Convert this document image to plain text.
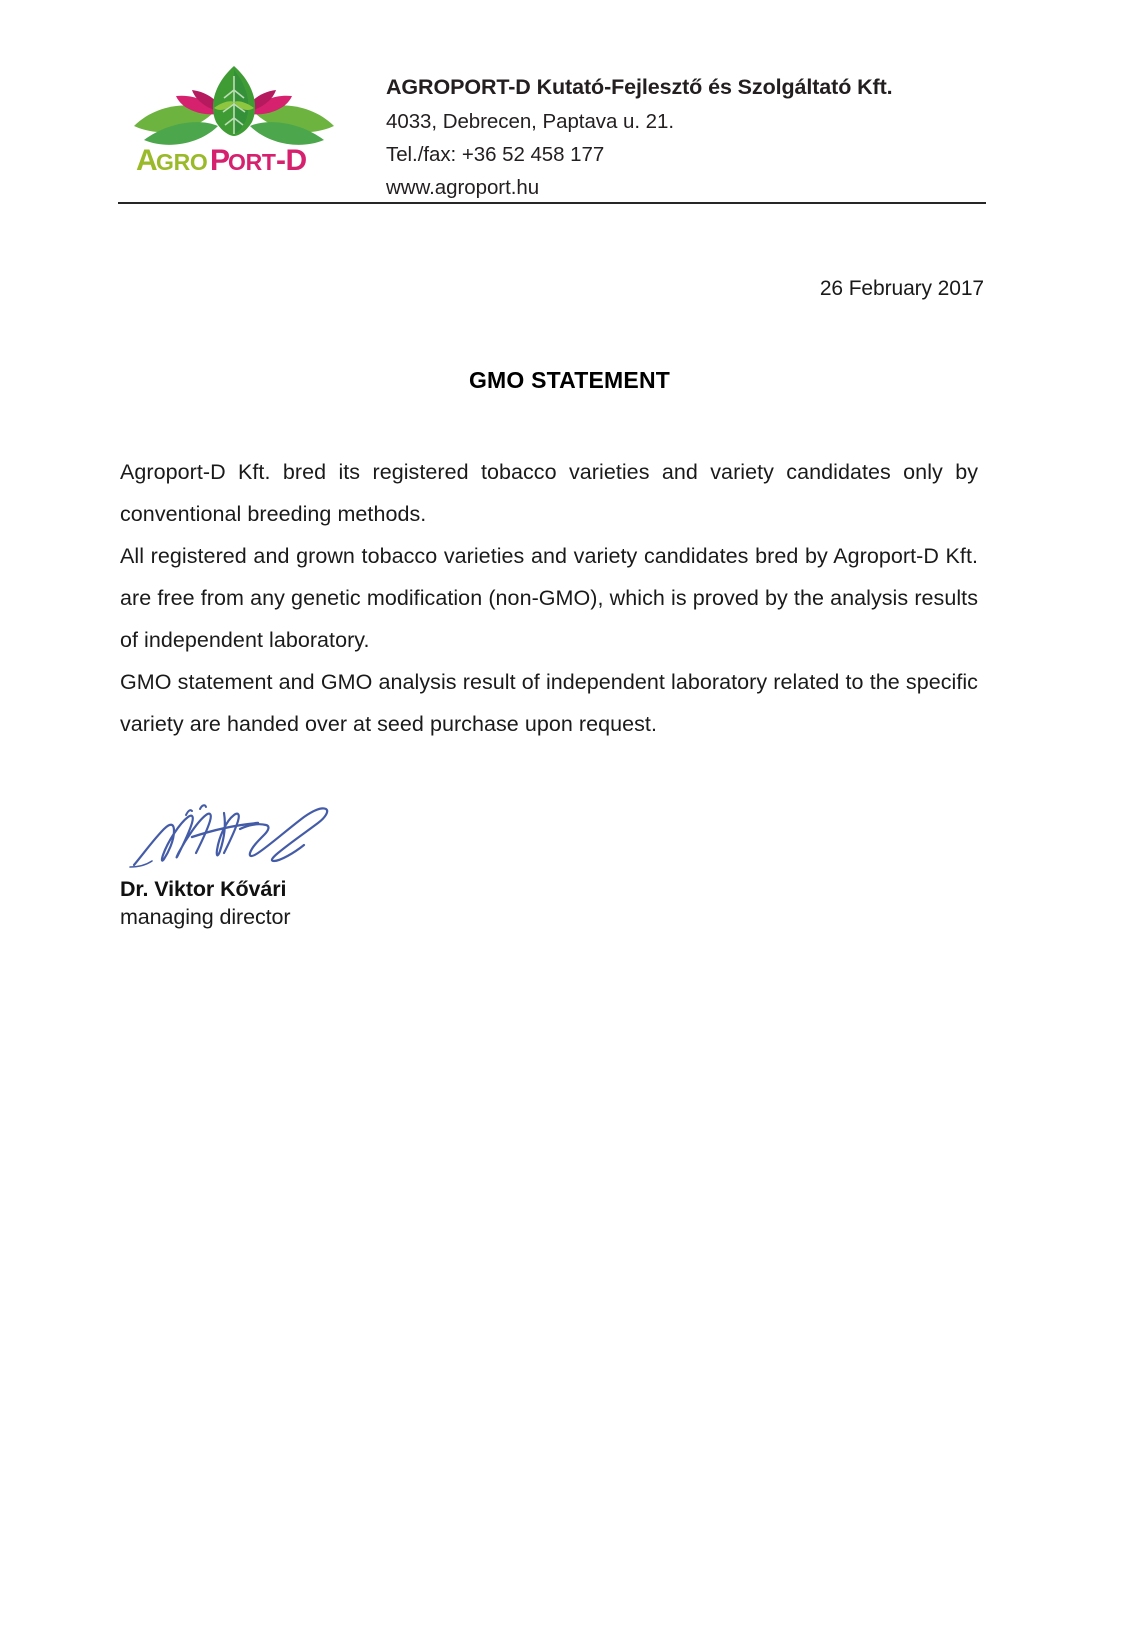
A
GRO P
ORT -D
AGROPORT-D Kutató-Fejlesztő és Szolgáltató Kft.
4033, Debrecen, Paptava u. 21.
Tel./fax: +36 52 458 177
www.agroport.hu
26 February 2017
GMO STATEMENT

Agroport-D Kft. bred its registered tobacco varieties and variety candidates only by conventional breeding methods.

All registered and grown tobacco varieties and variety candidates bred by Agroport-D Kft. are free from any genetic modification (non-GMO), which is proved by the analysis results of independent laboratory.

GMO statement and GMO analysis result of independent laboratory related to the specific variety are handed over at seed purchase upon request.

Dr. Viktor Kővári
managing director
